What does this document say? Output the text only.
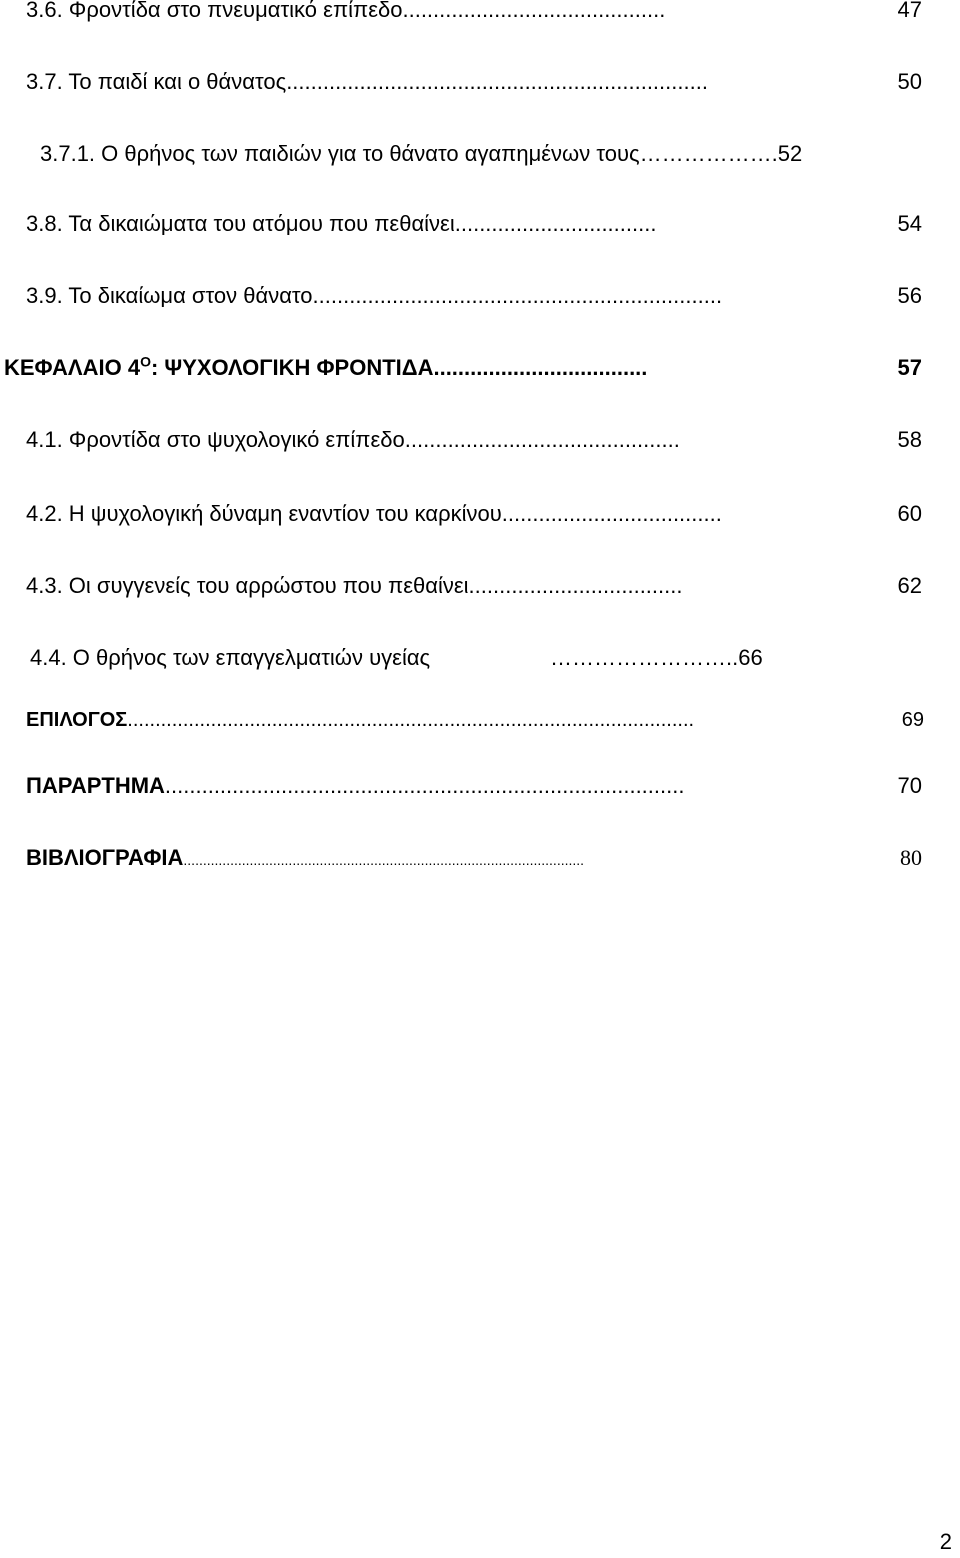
3.6. Φροντίδα στο πνευματικό επίπεδο...........................................	47
3.7. Το παιδί και ο θάνατος.....................................................................	50
3.7.1. Ο θρήνος των παιδιών για το θάνατο αγαπημένων τους……………….52
3.8. Τα δικαιώματα του ατόμου που πεθαίνει.................................	54
3.9. Το δικαίωμα στον θάνατο...................................................................	56
ΚΕΦΑΛΑΙΟ $4^O$: ΨΥΧΟΛΟΓΙΚΗ ΦΡΟΝΤΙΔΑ...................................	57
4.1. Φροντίδα στο ψυχολογικό επίπεδο.............................................	58
4.2. Η ψυχολογική δύναμη εναντίον του καρκίνου....................................	60
4.3. Οι συγγενείς του αρρώστου που πεθαίνει...................................	62
4.4. Ο θρήνος των επαγγελματιών υγείας	……………………..66
ΕΠΙΛΟΓΟΣ......................................................................................................	69
ΠΑΡΑΡΤΗΜΑ.....................................................................................	70
ΒΙΒΛΙΟΓΡΑΦΙΑ.......................................................................................................	80
2
